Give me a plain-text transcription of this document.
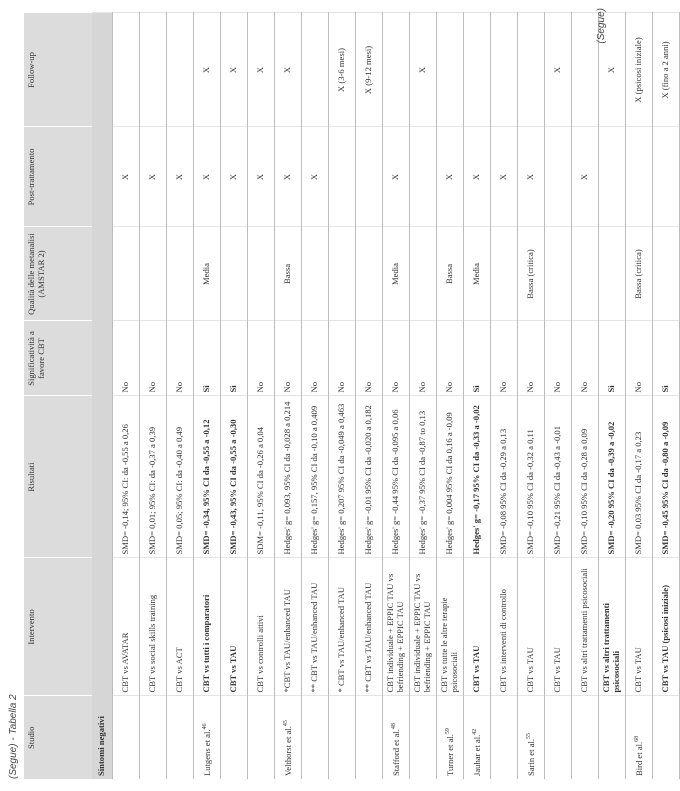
(Segue) - Tabella 2 Studio	Intervento	Risultati	Significatività a favore CBT	Qualità delle metanalisi (AMSTAR 2)	Post-trattamento	Follow-up
Sintomi negativi						
	CBT vs AVATAR	SMD= -0,14; 95% CI: da -0,55 a 0,26	No		X	
	CBT vs social skills training	SMD= 0,01; 95% CI: da -0,37 a 0,39	No		X	
	CBT vs ACT	SMD= 0,05; 95% CI: da -0,40 a 0,49	No		X	
Lutgens et al.$^{46}$	CBT vs tutti i comparatori	SMD= -0,34, 95% CI da -0,55 a -0,12	Sì	Media	X	X
	CBT vs TAU	SMD= -0,43, 95% CI da -0,55 a -0,30	Sì		X	X
	CBT vs controlli attivi	SDM= -0,11, 95% CI da -0,26 a 0,04	No		X	X
Velthorst et al.$^{45}$	*CBT vs TAU/enhanced TAU	Hedges' g= 0,093, 95% CI da -0,028 a 0,214	No	Bassa	X	X
	** CBT vs TAU/enhanced TAU	Hedges' g= 0,157, 95% CI da -0,10 a 0,409	No		X	
	* CBT vs TAU/enhanced TAU	Hedges' g= 0,207 95% CI da -0,049 a 0,463	No			X (3-6 mesi)
	** CBT vs TAU/enhanced TAU	Hedges' g= -0,01 95% CI da -0,020 a 0,182	No			X (9-12 mesi)
Stafford et al.$^{48}$	CBT individuale + EPPIC TAU vs befriending + EPPIC TAU	Hedges' g= -0,44 95% CI da -0,095 a 0,06	No	Media	X	
	CBT individuale + EPPIC TAU vs befriending + EPPIC TAU	Hedges' g= -0,37 95% CI da -0,87 to 0,13	No			X
Turner et al.$^{59}$	CBT vs tutte le altre terapie psicosociali	Hedges' g= 0,004 95% CI da 0,16 a -0,09	No	Bassa	X	
Jauhar et al.$^{42}$	CBT vs TAU	Hedges' g= -0,17 95% CI da -0,33 a -0,02	Sì	Media	X	
	CBT vs interventi di controllo	SMD= -0,08 95% CI da -0,29 a 0,13	No		X	
Sarin et al.$^{55}$	CBT vs TAU	SMD= -0,10 95% CI da -0,32 a 0,11	No	Bassa (critica)	X	
	CBT vs TAU	SMD= -0,21 95% CI da -0,43 a -0,01	No			X
	CBT vs altri trattamenti psicosociali	SMD= -0,10 95% CI da -0,28 a 0,09	No		X	
	CBT vs altri trattamenti psicosociali	SMD= -0,20 95% CI da -0,39 a -0,02	Sì			X
Bird et al.$^{68}$	CBT vs TAU	SMD= 0,03 95% CI da -0,17 a 0,23	No	Bassa (critica)		X (psicosi iniziale)
	CBT vs TAU (psicosi iniziale)	SMD= -0,45 95% CI da -0,80 a -0,09	Sì			X (fino a 2 anni)
(Segue)
